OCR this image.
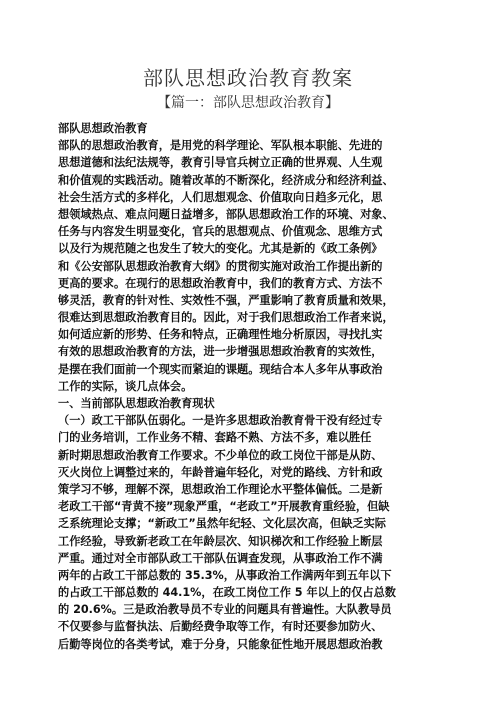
部队思想政治教育教案
【篇一：部队思想政治教育】
部队思想政治教育
部队的思想政治教育，是用党的科学理论、军队根本职能、先进的
思想道德和法纪法规等，教育引导官兵树立正确的世界观、人生观
和价值观的实践活动。随着改革的不断深化，经济成分和经济利益、
社会生活方式的多样化，人们思想观念、价值取向日趋多元化，思
想领域热点、难点问题日益增多，部队思想政治工作的环境、对象、
任务与内容发生明显变化，官兵的思想观点、价值观念、思维方式
以及行为规范随之也发生了较大的变化。尤其是新的《政工条例》
和《公安部队思想政治教育大纲》的贯彻实施对政治工作提出新的
更高的要求。在现行的思想政治教育中，我们的教育方式、方法不
够灵活，教育的针对性、实效性不强，严重影响了教育质量和效果，
很难达到思想政治教育目的。因此，对于我们思想政治工作者来说，
如何适应新的形势、任务和特点，正确理性地分析原因，寻找扎实
有效的思想政治教育的方法，进一步增强思想政治教育的实效性，
是摆在我们面前一个现实而紧迫的课题。现结合本人多年从事政治
工作的实际，谈几点体会。
一、当前部队思想政治教育现状
（一）政工干部队伍弱化。一是许多思想政治教育骨干没有经过专
门的业务培训，工作业务不精、套路不熟、方法不多，难以胜任
新时期思想政治教育工作要求。不少单位的政工岗位干部是从防、
灭火岗位上调整过来的，年龄普遍年轻化，对党的路线、方针和政
策学习不够，理解不深，思想政治工作理论水平整体偏低。二是新
老政工干部“青黄不接”现象严重，“老政工”开展教育重经验，但缺
乏系统理论支撑；“新政工”虽然年纪轻、文化层次高，但缺乏实际
工作经验，导致新老政工在年龄层次、知识梯次和工作经验上断层
严重。通过对全市部队政工干部队伍调查发现，从事政治工作不满
两年的占政工干部总数的 35.3%，从事政治工作满两年到五年以下
的占政工干部总数的 44.1%，在政工岗位工作 5 年以上的仅占总数
的 20.6%。三是政治教导员不专业的问题具有普遍性。大队教导员
不仅要参与监督执法、后勤经费争取等工作，有时还要参加防火、
后勤等岗位的各类考试，难于分身，只能象征性地开展思想政治教
